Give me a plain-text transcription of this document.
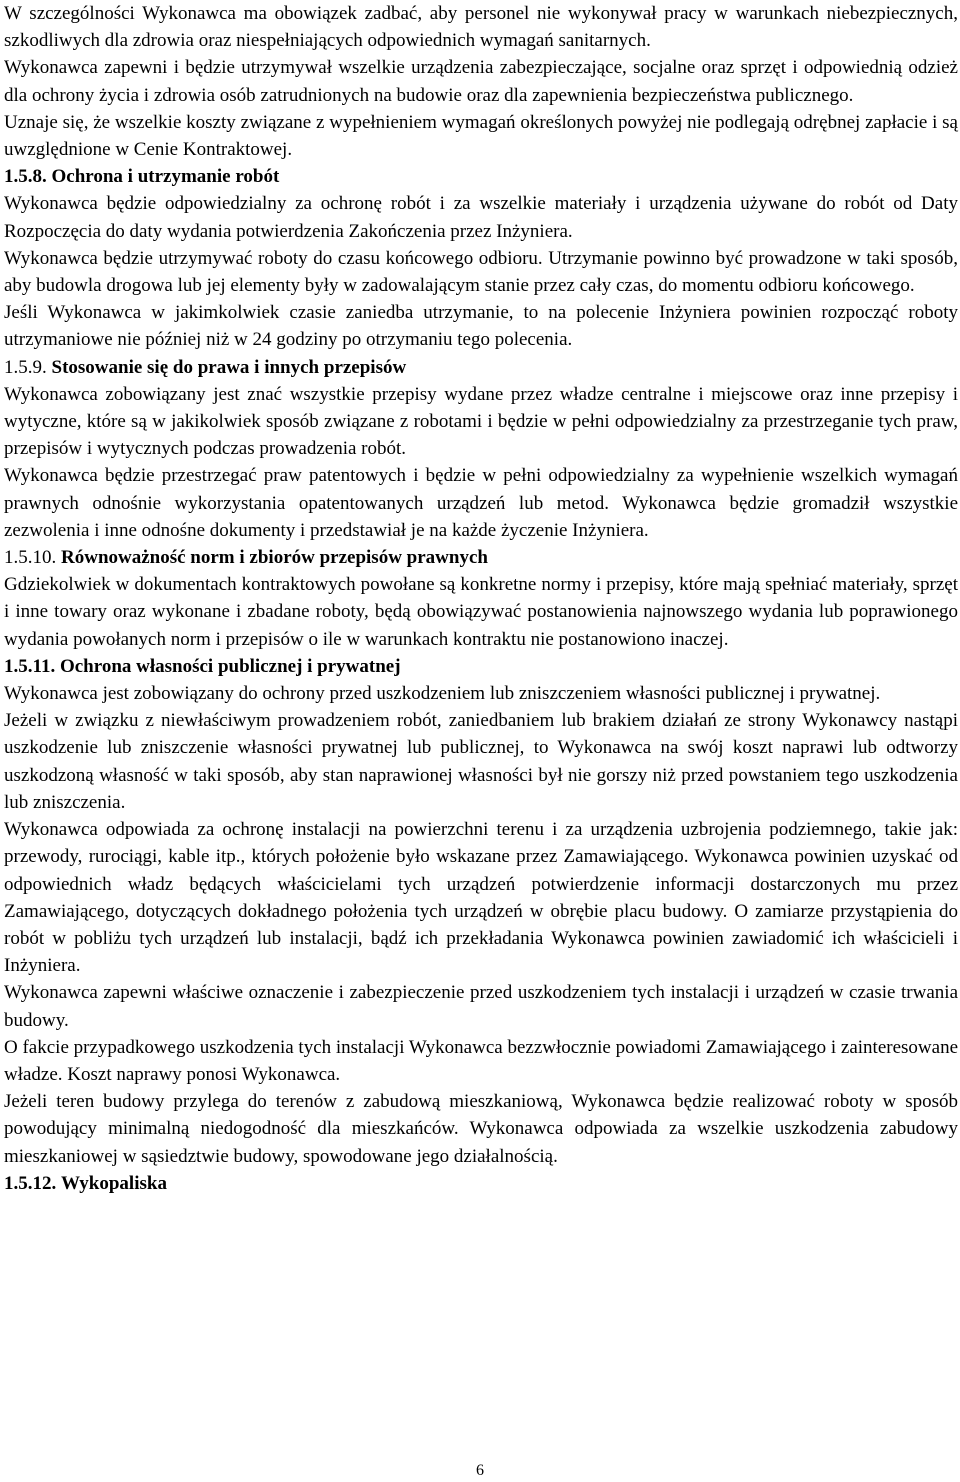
W szczególności Wykonawca ma obowiązek zadbać, aby personel nie wykonywał pracy w warunkach niebezpiecznych, szkodliwych dla zdrowia oraz niespełniających odpowiednich wymagań sanitarnych.
Wykonawca zapewni i będzie utrzymywał wszelkie urządzenia zabezpieczające, socjalne oraz sprzęt i odpowiednią odzież dla ochrony życia i zdrowia osób zatrudnionych na budowie oraz dla zapewnienia bezpieczeństwa publicznego.
Uznaje się, że wszelkie koszty związane z wypełnieniem wymagań określonych powyżej nie podlegają odrębnej zapłacie i są uwzględnione w Cenie Kontraktowej.
1.5.8. Ochrona i utrzymanie robót
Wykonawca będzie odpowiedzialny za ochronę robót i za wszelkie materiały i urządzenia używane do robót od Daty Rozpoczęcia do daty wydania potwierdzenia Zakończenia przez Inżyniera.
Wykonawca będzie utrzymywać roboty do czasu końcowego odbioru. Utrzymanie powinno być prowadzone w taki sposób, aby budowla drogowa lub jej elementy były w zadowalającym stanie przez cały czas, do momentu odbioru końcowego.
Jeśli Wykonawca w jakimkolwiek czasie zaniedba utrzymanie, to na polecenie Inżyniera powinien rozpocząć roboty utrzymaniowe nie później niż w 24 godziny po otrzymaniu tego polecenia.
1.5.9. Stosowanie się do prawa i innych przepisów
Wykonawca zobowiązany jest znać wszystkie przepisy wydane przez władze centralne i miejscowe oraz inne przepisy i wytyczne, które są w jakikolwiek sposób związane z robotami i będzie w pełni odpowiedzialny za przestrzeganie tych praw, przepisów i wytycznych podczas prowadzenia robót.
Wykonawca będzie przestrzegać praw patentowych i będzie w pełni odpowiedzialny za wypełnienie wszelkich wymagań prawnych odnośnie wykorzystania opatentowanych urządzeń lub metod. Wykonawca będzie gromadził wszystkie zezwolenia i inne odnośne dokumenty i przedstawiał je na każde życzenie Inżyniera.
1.5.10. Równoważność norm i zbiorów przepisów prawnych
Gdziekolwiek w dokumentach kontraktowych powołane są konkretne normy i przepisy, które mają spełniać materiały, sprzęt i inne towary oraz wykonane i zbadane roboty, będą obowiązywać postanowienia najnowszego wydania lub poprawionego wydania powołanych norm i przepisów o ile w warunkach kontraktu nie postanowiono inaczej.
1.5.11. Ochrona własności publicznej i prywatnej
Wykonawca jest zobowiązany do ochrony przed uszkodzeniem lub zniszczeniem własności publicznej i prywatnej.
Jeżeli w związku z niewłaściwym prowadzeniem robót, zaniedbaniem lub brakiem działań ze strony Wykonawcy nastąpi uszkodzenie lub zniszczenie własności prywatnej lub publicznej, to Wykonawca na swój koszt naprawi lub odtworzy uszkodzoną własność w taki sposób, aby stan naprawionej własności był nie gorszy niż przed powstaniem tego uszkodzenia lub zniszczenia.
Wykonawca odpowiada za ochronę instalacji na powierzchni terenu i za urządzenia uzbrojenia podziemnego, takie jak: przewody, rurociągi, kable itp., których położenie było wskazane przez Zamawiającego. Wykonawca powinien uzyskać od odpowiednich władz będących właścicielami tych urządzeń potwierdzenie informacji dostarczonych mu przez Zamawiającego, dotyczących dokładnego położenia tych urządzeń w obrębie placu budowy. O zamiarze przystąpienia do robót w pobliżu tych urządzeń lub instalacji, bądź ich przekładania Wykonawca powinien zawiadomić ich właścicieli i Inżyniera.
Wykonawca zapewni właściwe oznaczenie i zabezpieczenie przed uszkodzeniem tych instalacji i urządzeń w czasie trwania budowy.
O fakcie przypadkowego uszkodzenia tych instalacji Wykonawca bezzwłocznie powiadomi Zamawiającego i zainteresowane władze. Koszt naprawy ponosi Wykonawca.
Jeżeli teren budowy przylega do terenów z zabudową mieszkaniową, Wykonawca będzie realizować roboty w sposób powodujący minimalną niedogodność dla mieszkańców. Wykonawca odpowiada za wszelkie uszkodzenia zabudowy mieszkaniowej w sąsiedztwie budowy, spowodowane jego działalnością.
1.5.12. Wykopaliska
6
